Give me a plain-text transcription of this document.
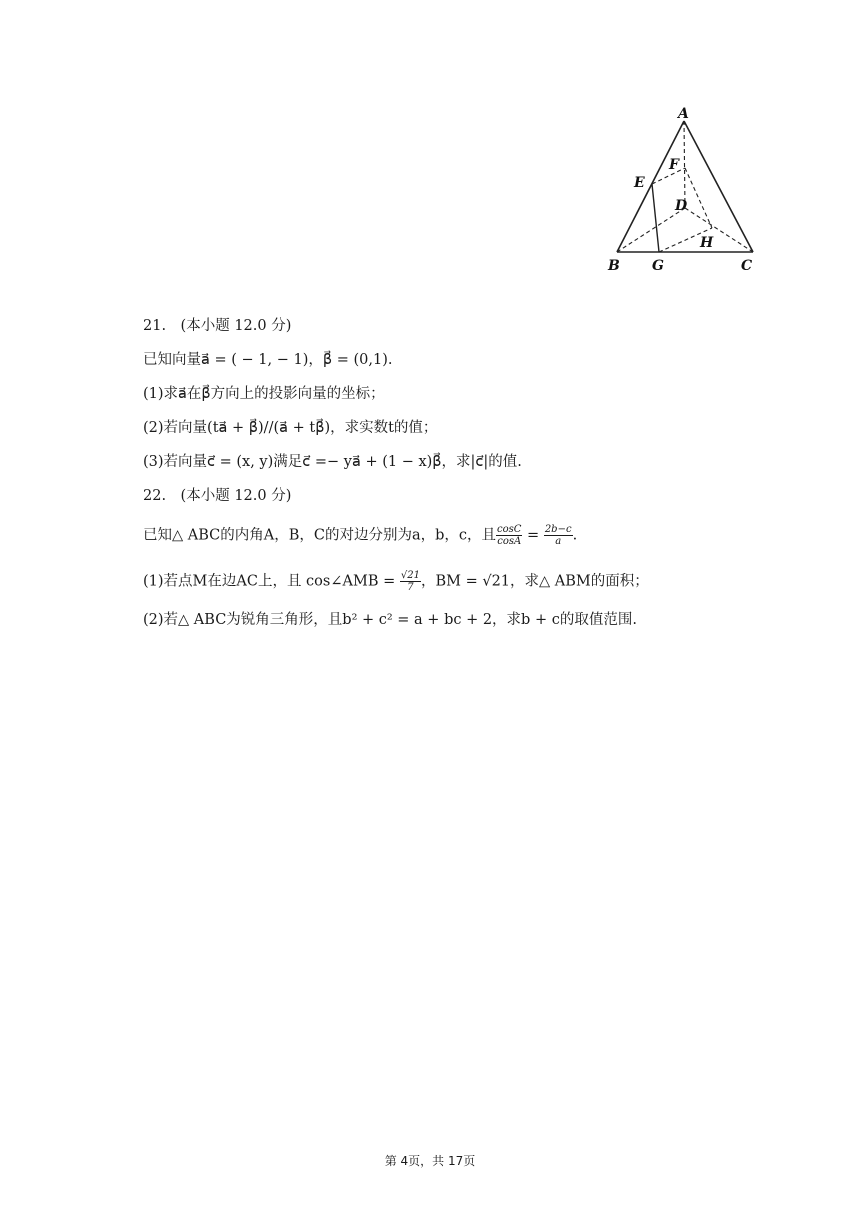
A
E
F
D
H
B G	C
21.　(本小题 12.0 分)
已知向量a⃗ = ( − 1, − 1)，β⃗ = (0,1).
(1)求a⃗在β⃗方向上的投影向量的坐标；
(2)若向量(ta⃗ + β⃗)//(a⃗ + tβ⃗)，求实数t的值；
(3)若向量c⃗ = (x, y)满足c⃗ =− ya⃗ + (1 − x)β⃗，求|c⃗|的值.
22.　(本小题 12.0 分)
已知△ ABC的内角A，B，C的对边分别为a，b，c，且 $\frac{\cos C}{\cos A} = \frac{2b-c}{a}$ .
(1)若点M在边AC上，且 cos∠AMB = $\frac{√21}{7}$ ，BM = √21，求△ ABM的面积；
(2)若△ ABC为锐角三角形，且b² + c² = a + bc + 2，求b + c的取值范围.
第 4页，共 17页
